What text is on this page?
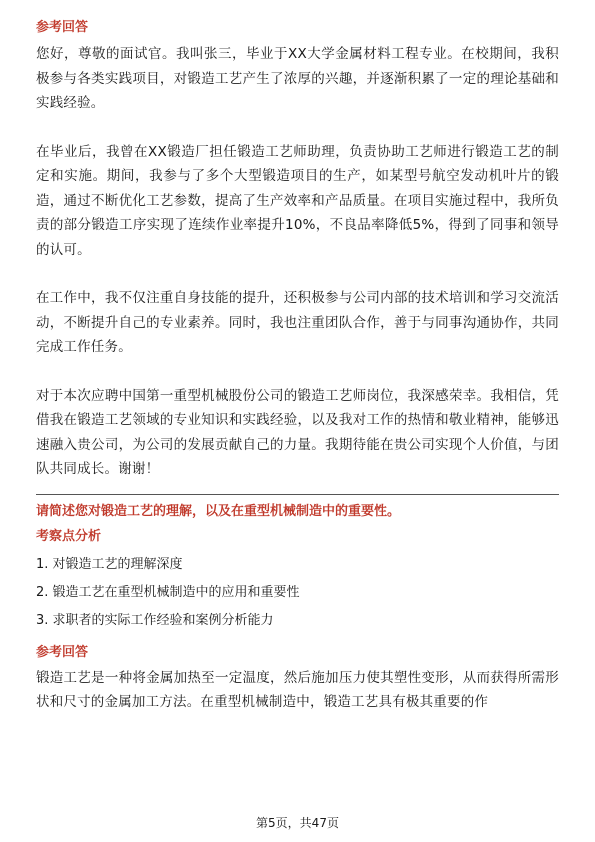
参考回答

您好，尊敬的面试官。我叫张三，毕业于XX大学金属材料工程专业。在校期间，我积极参与各类实践项目，对锻造工艺产生了浓厚的兴趣，并逐渐积累了一定的理论基础和实践经验。

在毕业后，我曾在XX锻造厂担任锻造工艺师助理，负责协助工艺师进行锻造工艺的制定和实施。期间，我参与了多个大型锻造项目的生产，如某型号航空发动机叶片的锻造，通过不断优化工艺参数，提高了生产效率和产品质量。在项目实施过程中，我所负责的部分锻造工序实现了连续作业率提升10%，不良品率降低5%，得到了同事和领导的认可。

在工作中，我不仅注重自身技能的提升，还积极参与公司内部的技术培训和学习交流活动，不断提升自己的专业素养。同时，我也注重团队合作，善于与同事沟通协作，共同完成工作任务。

对于本次应聘中国第一重型机械股份公司的锻造工艺师岗位，我深感荣幸。我相信，凭借我在锻造工艺领域的专业知识和实践经验，以及我对工作的热情和敬业精神，能够迅速融入贵公司，为公司的发展贡献自己的力量。我期待能在贵公司实现个人价值，与团队共同成长。谢谢！

请简述您对锻造工艺的理解，以及在重型机械制造中的重要性。

考察点分析

1. 对锻造工艺的理解深度
2. 锻造工艺在重型机械制造中的应用和重要性
3. 求职者的实际工作经验和案例分析能力

参考回答

锻造工艺是一种将金属加热至一定温度，然后施加压力使其塑性变形，从而获得所需形状和尺寸的金属加工方法。在重型机械制造中，锻造工艺具有极其重要的作

第5页，共47页
